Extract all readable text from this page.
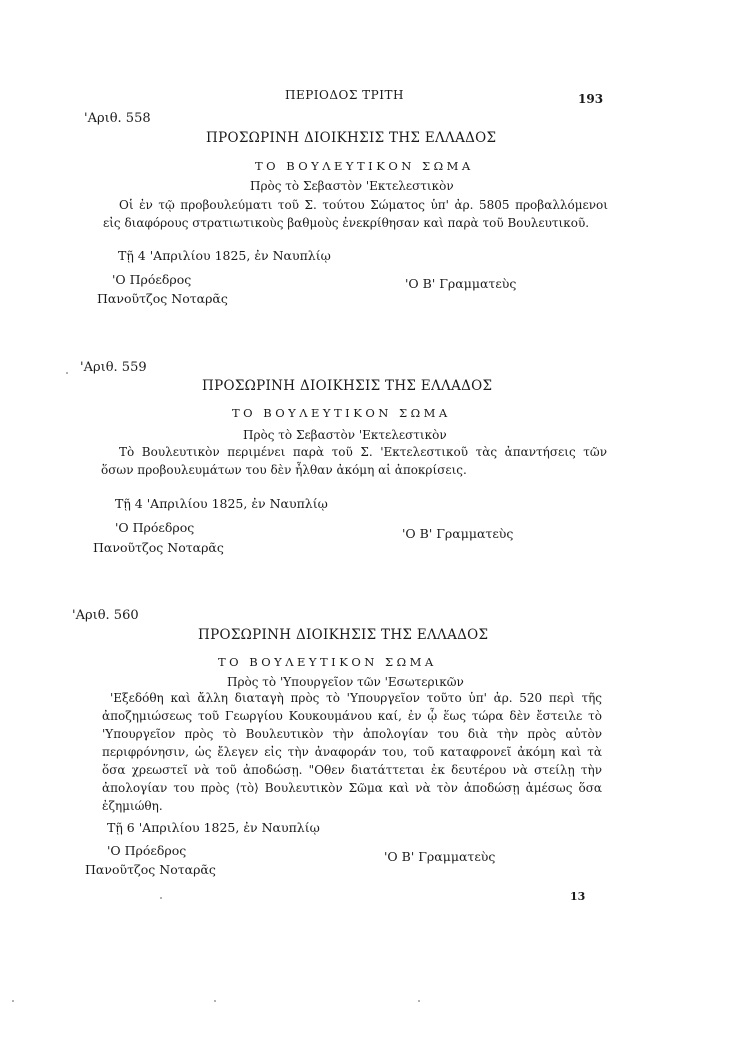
ΠΕΡΙΟΔΟΣ ΤΡΙΤΗ	193
'Αριθ. 558
ΠΡΟΣΩΡΙΝΗ ΔΙΟΙΚΗΣΙΣ ΤΗΣ ΕΛΛΑΔΟΣ
ΤΟ ΒΟΥΛΕΥΤΙΚΟΝ ΣΩΜΑ
Πρὸς τὸ Σεβαστὸν 'Εκτελεστικὸν
Οἱ ἐν τῷ προβουλεύματι τοῦ Σ. τούτου Σώματος ὑπ' ἀρ. 5805 προβαλλόμενοι εἰς διαφόρους στρατιωτικοὺς βαθμοὺς ἐνεκρίθησαν καὶ παρὰ τοῦ Βουλευτικοῦ.
Τῇ 4 'Απριλίου 1825, ἐν Ναυπλίῳ
'Ο Πρόεδρος
Πανοῦτζος Νοταρᾶς
'Ο Β' Γραμματεὺς
'Αριθ. 559
ΠΡΟΣΩΡΙΝΗ ΔΙΟΙΚΗΣΙΣ ΤΗΣ ΕΛΛΑΔΟΣ
ΤΟ ΒΟΥΛΕΥΤΙΚΟΝ ΣΩΜΑ
Πρὸς τὸ Σεβαστὸν 'Εκτελεστικὸν
Τὸ Βουλευτικὸν περιμένει παρὰ τοῦ Σ. 'Εκτελεστικοῦ τὰς ἀπαντήσεις τῶν ὅσων προβουλευμάτων του δὲν ἦλθαν ἀκόμη αἱ ἀποκρίσεις.
Τῇ 4 'Απριλίου 1825, ἐν Ναυπλίῳ
'Ο Πρόεδρος
Πανοῦτζος Νοταρᾶς
'Ο Β' Γραμματεὺς
'Αριθ. 560
ΠΡΟΣΩΡΙΝΗ ΔΙΟΙΚΗΣΙΣ ΤΗΣ ΕΛΛΑΔΟΣ
ΤΟ ΒΟΥΛΕΥΤΙΚΟΝ ΣΩΜΑ
Πρὸς τὸ 'Υπουργεῖον τῶν 'Εσωτερικῶν
'Εξεδόθη καὶ ἄλλη διαταγὴ πρὸς τὸ 'Υπουργεῖον τοῦτο ὑπ' ἀρ. 520 περὶ τῆς ἀποζημιώσεως τοῦ Γεωργίου Κουκουμάνου καί, ἐν ᾧ ἕως τώρα δὲν ἔστειλε τὸ 'Υπουργεῖον πρὸς τὸ Βουλευτικὸν τὴν ἀπολογίαν του διὰ τὴν πρὸς αὐτὸν περιφρόνησιν, ὡς ἔλεγεν εἰς τὴν ἀναφοράν του, τοῦ καταφρονεῖ ἀκόμη καὶ τὰ ὅσα χρεωστεῖ νὰ τοῦ ἀποδώσῃ. "Οθεν διατάττεται ἐκ δευτέρου νὰ στείλῃ τὴν ἀπολογίαν του πρὸς ⟨τὸ⟩ Βουλευτικὸν Σῶμα καὶ νὰ τὸν ἀποδώσῃ ἀμέσως ὅσα ἐζημιώθη.
Τῇ 6 'Απριλίου 1825, ἐν Ναυπλίῳ
'Ο Πρόεδρος
Πανοῦτζος Νοταρᾶς
'Ο Β' Γραμματεὺς
13
